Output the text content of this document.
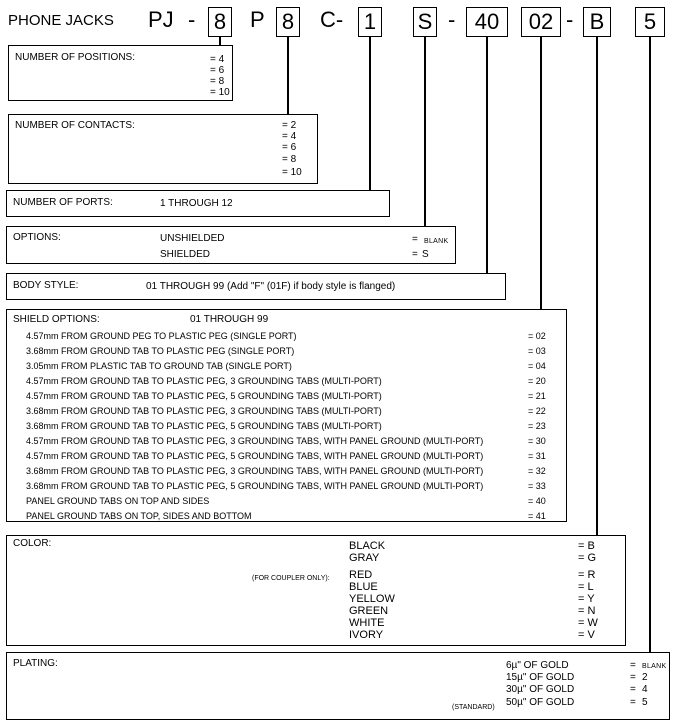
PHONE JACKS PJ - 8 P 8 C- 1 S - 40	02 - B	5
NUMBER OF POSITIONS:	= 4
= 6
= 8
= 10
NUMBER OF CONTACTS:	= 2
= 4
= 6
= 8
= 10
NUMBER OF PORTS:	1 THROUGH 12
OPTIONS:	UNSHIELDED	= BLANK
SHIELDED	= S
BODY STYLE:	01 THROUGH 99 (Add "F" (01F) if body style is flanged)
SHIELD OPTIONS:	01 THROUGH 99
4.57mm FROM GROUND PEG TO PLASTIC PEG (SINGLE PORT)	= 02
3.68mm FROM GROUND TAB TO PLASTIC PEG (SINGLE PORT)	= 03
3.05mm FROM PLASTIC TAB TO GROUND TAB (SINGLE PORT)	= 04
4.57mm FROM GROUND TAB TO PLASTIC PEG, 3 GROUNDING TABS (MULTI-PORT)	= 20
4.57mm FROM GROUND TAB TO PLASTIC PEG, 5 GROUNDING TABS (MULTI-PORT)	= 21
3.68mm FROM GROUND TAB TO PLASTIC PEG, 3 GROUNDING TABS (MULTI-PORT)	= 22
3.68mm FROM GROUND TAB TO PLASTIC PEG, 5 GROUNDING TABS (MULTI-PORT)	= 23
4.57mm FROM GROUND TAB TO PLASTIC PEG, 3 GROUNDING TABS, WITH PANEL GROUND (MULTI-PORT)	= 30
4.57mm FROM GROUND TAB TO PLASTIC PEG, 5 GROUNDING TABS, WITH PANEL GROUND (MULTI-PORT)	= 31
3.68mm FROM GROUND TAB TO PLASTIC PEG, 3 GROUNDING TABS, WITH PANEL GROUND (MULTI-PORT)	= 32
3.68mm FROM GROUND TAB TO PLASTIC PEG, 5 GROUNDING TABS, WITH PANEL GROUND (MULTI-PORT)	= 33
PANEL GROUND TABS ON TOP AND SIDES	= 40
PANEL GROUND TABS ON TOP, SIDES AND BOTTOM	= 41
COLOR:
(FOR COUPLER ONLY):
BLACK	= B
GRAY	= G
RED	= R
BLUE	= L
YELLOW	= Y
GREEN	= N
WHITE	= W
IVORY	= V
PLATING:
(STANDARD)
6µ" OF GOLD	= BLANK
15µ" OF GOLD	= 2
30µ" OF GOLD	= 4
50µ" OF GOLD	= 5
